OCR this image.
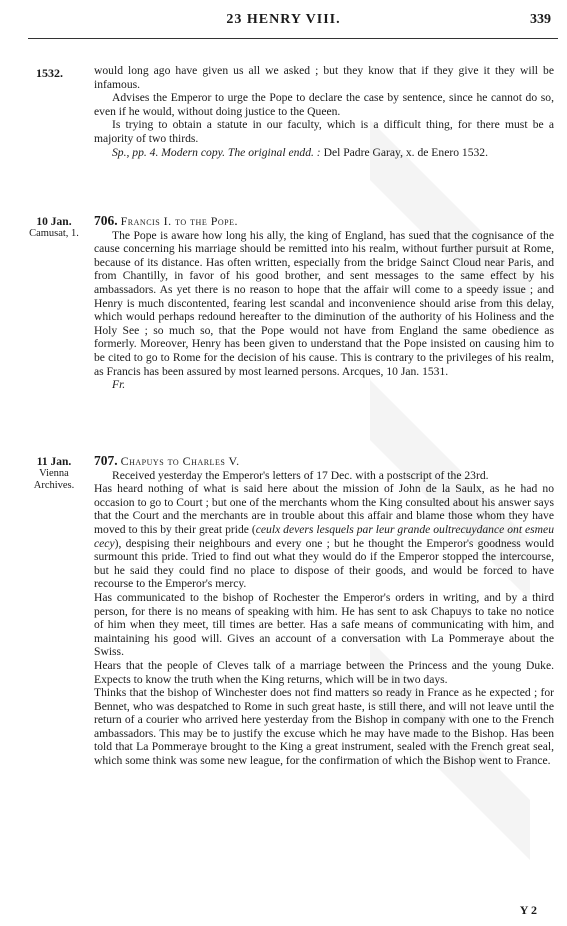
23 HENRY VIII.	339
1532.	would long ago have given us all we asked ; but they know that if they give it they will be infamous.

Advises the Emperor to urge the Pope to declare the case by sentence, since he cannot do so, even if he would, without doing justice to the Queen.

Is trying to obtain a statute in our faculty, which is a difficult thing, for there must be a majority of two thirds.

Sp., pp. 4. Modern copy. The original endd. : Del Padre Garay, x. de Enero 1532.

10 Jan.
Camusat, 1.

706. Francis I. to the Pope.

The Pope is aware how long his ally, the king of England, has sued that the cognisance of the cause concerning his marriage should be remitted into his realm, without further pursuit at Rome, because of its distance. Has often written, especially from the bridge Sainct Cloud near Paris, and from Chantilly, in favor of his good brother, and sent messages to the same effect by his ambassadors. As yet there is no reason to hope that the affair will come to a speedy issue ; and Henry is much discontented, fearing lest scandal and inconvenience should arise from this delay, which would perhaps redound hereafter to the diminution of the authority of his Holiness and the Holy See ; so much so, that the Pope would not have from England the same obedience as formerly. Moreover, Henry has been given to understand that the Pope insisted on causing him to be cited to go to Rome for the decision of his cause. This is contrary to the privileges of his realm, as Francis has been assured by most learned persons. Arcques, 10 Jan. 1531.

Fr.

11 Jan.
Vienna
Archives.

707. Chapuys to Charles V.

Received yesterday the Emperor's letters of 17 Dec. with a postscript of the 23rd.

Has heard nothing of what is said here about the mission of John de la Saulx, as he had no occasion to go to Court ; but one of the merchants whom the King consulted about his answer says that the Court and the merchants are in trouble about this affair and blame those whom they have moved to this by their great pride (ceulx devers lesquels par leur grande oultrecuydance ont esmeu cecy), despising their neighbours and every one ; but he thought the Emperor's goodness would surmount this pride. Tried to find out what they would do if the Emperor stopped the intercourse, but he said they could find no place to dispose of their goods, and would be forced to have recourse to the Emperor's mercy.

Has communicated to the bishop of Rochester the Emperor's orders in writing, and by a third person, for there is no means of speaking with him. He has sent to ask Chapuys to take no notice of him when they meet, till times are better. Has a safe means of communicating with him, and maintaining his good will. Gives an account of a conversation with La Pommeraye about the Swiss.

Hears that the people of Cleves talk of a marriage between the Princess and the young Duke. Expects to know the truth when the King returns, which will be in two days.

Thinks that the bishop of Winchester does not find matters so ready in France as he expected ; for Bennet, who was despatched to Rome in such great haste, is still there, and will not leave until the return of a courier who arrived here yesterday from the Bishop in company with one to the French ambassadors. This may be to justify the excuse which he may have made to the Bishop. Has been told that La Pommeraye brought to the King a great instrument, sealed with the French great seal, which some think was some new league, for the confirmation of which the Bishop went to France.

Y 2
